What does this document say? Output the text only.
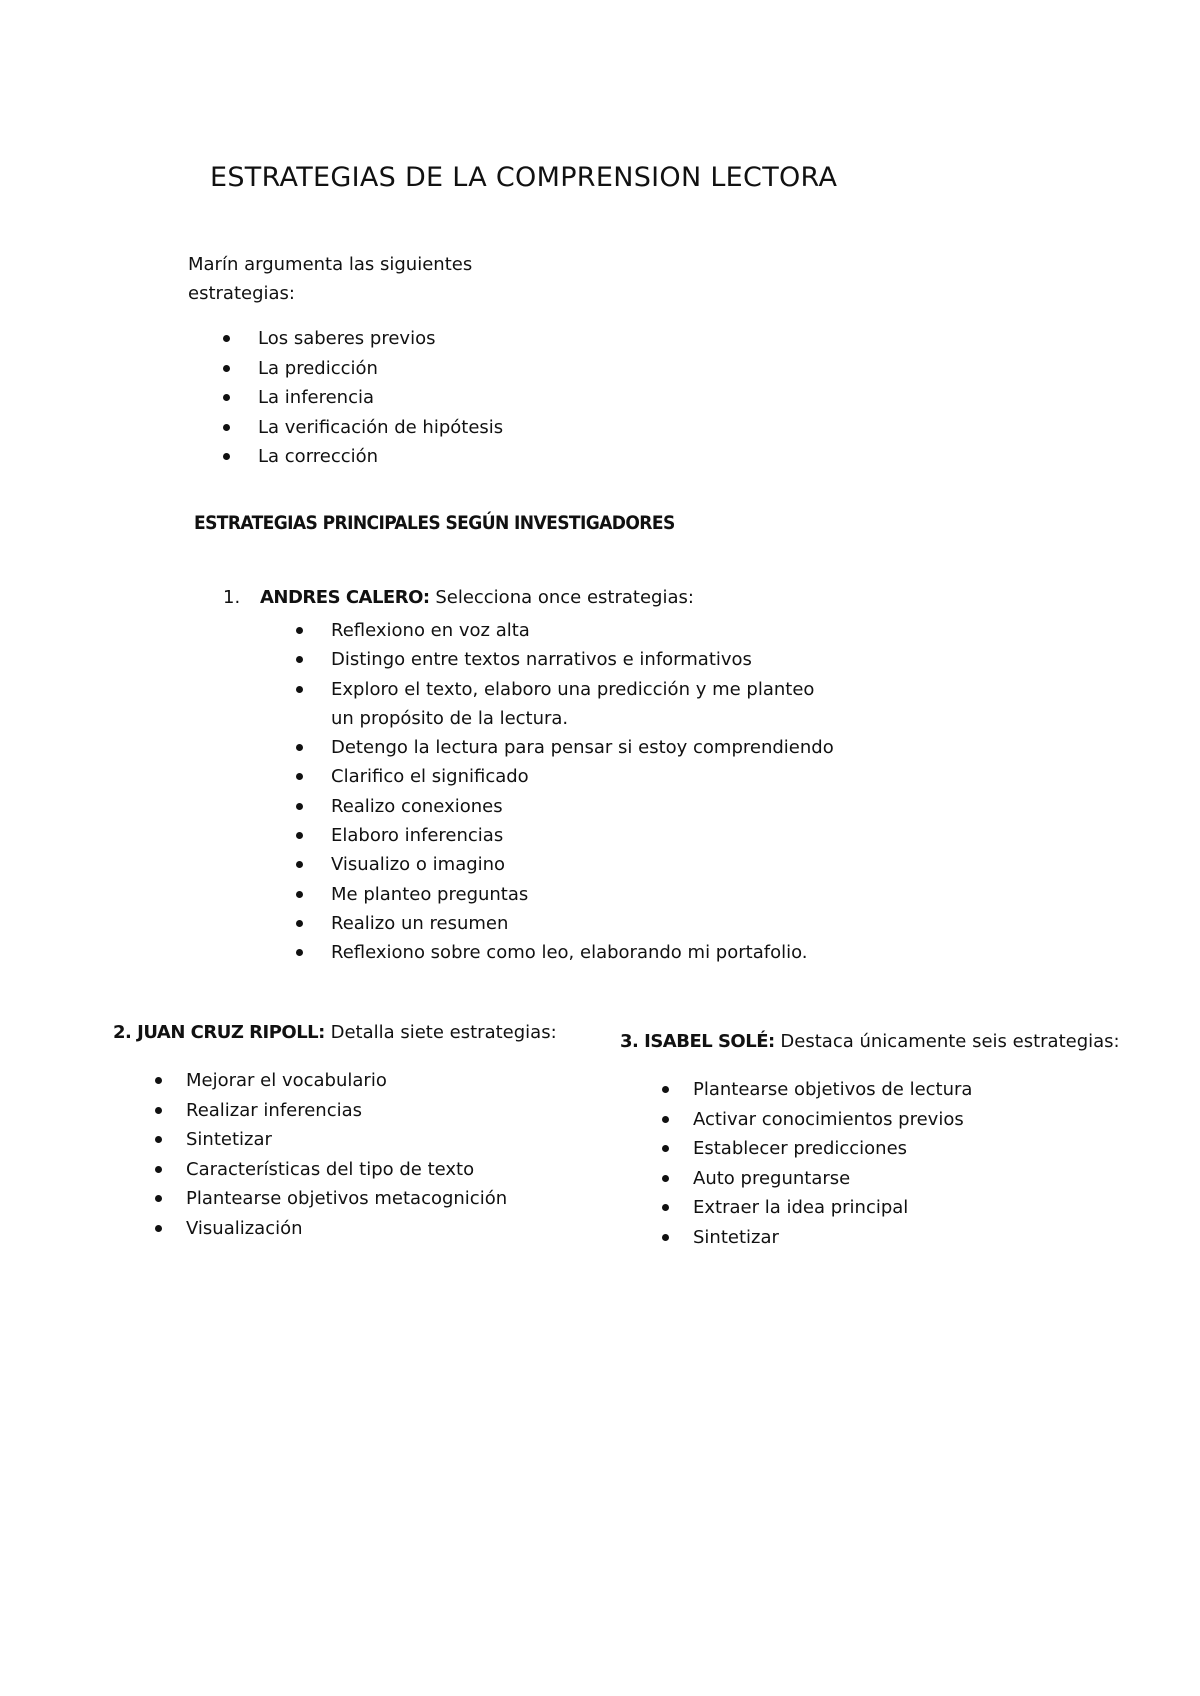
ESTRATEGIAS DE LA COMPRENSION LECTORA
Marín argumenta las siguientes
estrategias:
Los saberes previos
La predicción
La inferencia
La verificación de hipótesis
La corrección
ESTRATEGIAS PRINCIPALES SEGÚN INVESTIGADORES
1. ANDRES CALERO: Selecciona once estrategias:
Reflexiono en voz alta
Distingo entre textos narrativos e informativos
Exploro el texto, elaboro una predicción y me planteo
un propósito de la lectura.
Detengo la lectura para pensar si estoy comprendiendo
Clarifico el significado
Realizo conexiones
Elaboro inferencias
Visualizo o imagino
Me planteo preguntas
Realizo un resumen
Reflexiono sobre como leo, elaborando mi portafolio.
2. JUAN CRUZ RIPOLL: Detalla siete estrategias:
Mejorar el vocabulario
Realizar inferencias
Sintetizar
Características del tipo de texto
Plantearse objetivos metacognición
Visualización
3. ISABEL SOLÉ: Destaca únicamente seis estrategias:
Plantearse objetivos de lectura
Activar conocimientos previos
Establecer predicciones
Auto preguntarse
Extraer la idea principal
Sintetizar
